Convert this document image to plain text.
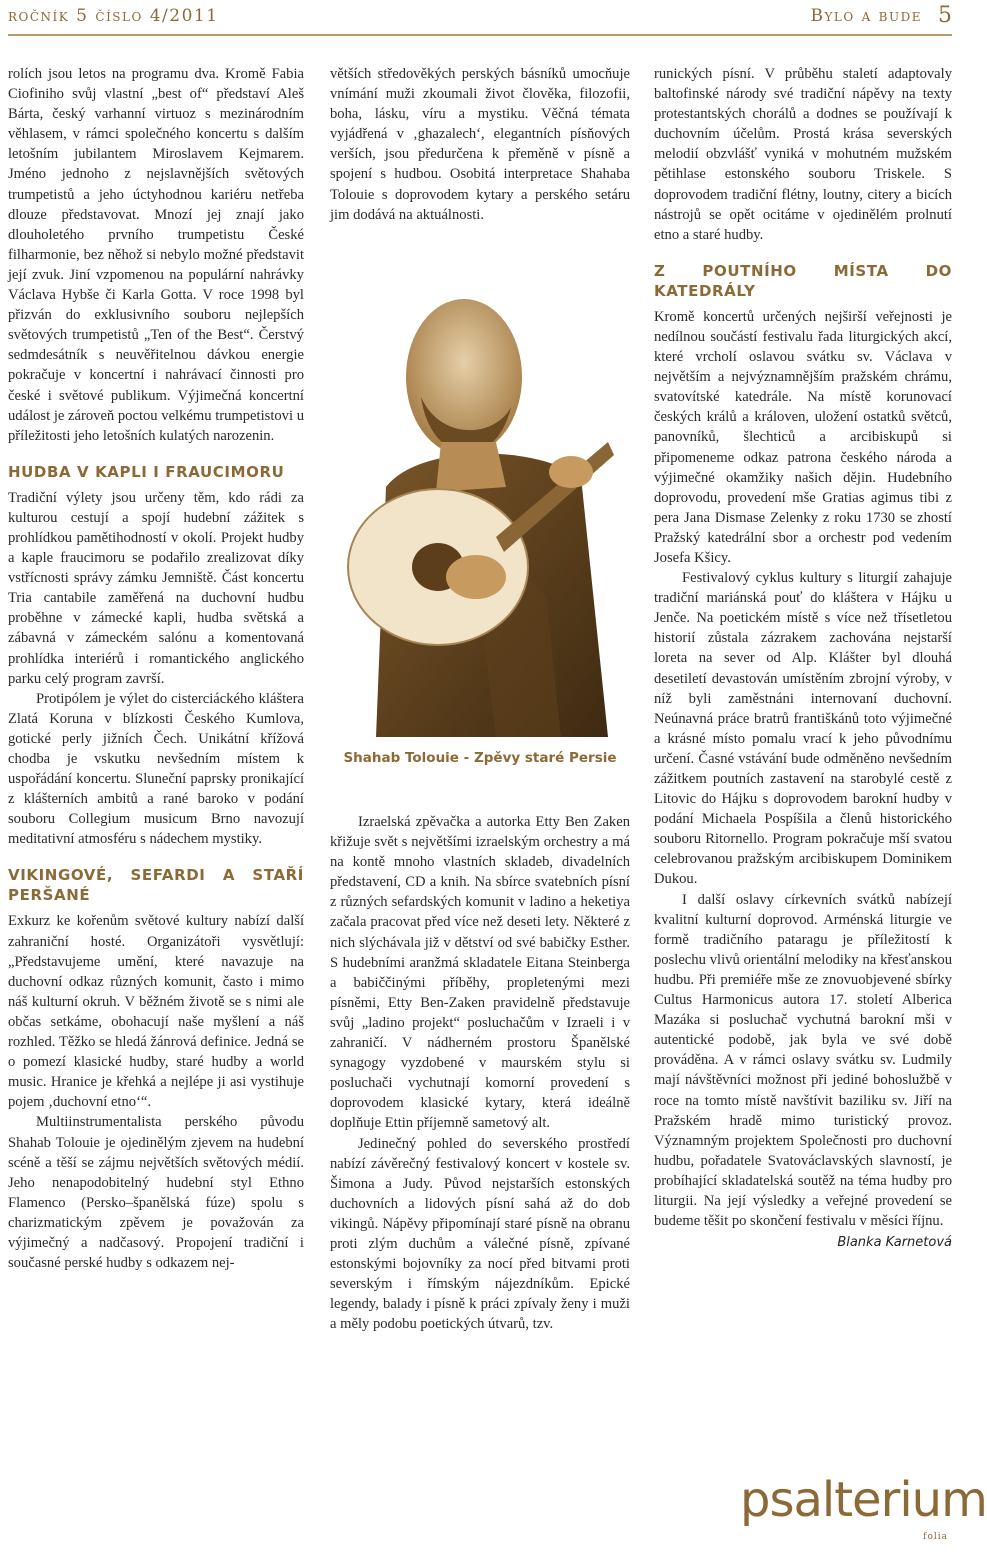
ročník 5 číslo 4/2011	Bylo a bude 5

rolích jsou letos na programu dva. Kromě Fabia Ciofiniho svůj vlastní „best of“ představí Aleš Bárta, český varhanní virtuoz s mezinárodním věhlasem, v rámci společného koncertu s dalším letošním jubilantem Miroslavem Kejmarem. Jméno jednoho z nejslavnějších světových trumpetistů a jeho úctyhodnou kariéru netřeba dlouze představovat. Mnozí jej znají jako dlouholetého prvního trumpetistu České filharmonie, bez něhož si nebylo možné představit její zvuk. Jiní vzpomenou na populární nahrávky Václava Hybše či Karla Gotta. V roce 1998 byl přizván do exklusivního souboru nejlepších světových trumpetistů „Ten of the Best“. Čerstvý sedmdesátník s neuvěřitelnou dávkou energie pokračuje v koncertní i nahrávací činnosti pro české i světové publikum. Výjimečná koncertní událost je zároveň poctou velkému trumpetistovi u příležitosti jeho letošních kulatých narozenin.

HUDBA V KAPLI I FRAUCIMORU

Tradiční výlety jsou určeny těm, kdo rádi za kulturou cestují a spojí hudební zážitek s prohlídkou pamětihodností v okolí. Projekt hudby a kaple fraucimoru se podařilo zrealizovat díky vstřícnosti správy zámku Jemniště. Část koncertu Tria cantabile zaměřená na duchovní hudbu proběhne v zámecké kapli, hudba světská a zábavná v zámeckém salónu a komentovaná prohlídka interiérů i romantického anglického parku celý program završí.

Protipólem je výlet do cisterciáckého kláštera Zlatá Koruna v blízkosti Českého Kumlova, gotické perly jižních Čech. Unikátní křížová chodba je vskutku nevšedním místem k uspořádání koncertu. Sluneční paprsky pronikající z klášterních ambitů a rané baroko v podání souboru Collegium musicum Brno navozují meditativní atmosféru s nádechem mystiky.

VIKINGOVÉ, SEFARDI A STAŘÍ PERŠANÉ

Exkurz ke kořenům světové kultury nabízí další zahraniční hosté. Organizátoři vysvětlují: „Představujeme umění, které navazuje na duchovní odkaz různých komunit, často i mimo náš kulturní okruh. V běžném životě se s nimi ale občas setkáme, obohacují naše myšlení a náš rozhled. Těžko se hledá žánrová definice. Jedná se o pomezí klasické hudby, staré hudby a world music. Hranice je křehká a nejlépe ji asi vystihuje pojem ‚duchovní etno‘“.

Multiinstrumentalista perského původu Shahab Tolouie je ojedinělým zjevem na hudební scéně a těší se zájmu největších světových médií. Jeho nenapodobitelný hudební styl Ethno Flamenco (Persko–španělská fúze) spolu s charizmatickým zpěvem je považován za výjimečný a nadčasový. Propojení tradiční i současné perské hudby s odkazem nej-

větších středověkých perských básníků umocňuje vnímání muži zkoumali život člověka, filozofii, boha, lásku, víru a mystiku. Věčná témata vyjádřená v ‚ghazalech‘, elegantních písňových verších, jsou předurčena k přeměně v písně a spojení s hudbou. Osobitá interpretace Shahaba Tolouie s doprovodem kytary a perského setáru jim dodává na aktuálnosti.

Shahab Tolouie - Zpěvy staré Persie

Izraelská zpěvačka a autorka Etty Ben Zaken křižuje svět s největšími izraelským orchestry a má na kontě mnoho vlastních skladeb, divadelních představení, CD a knih. Na sbírce svatebních písní z různých sefardských komunit v ladino a heketiya začala pracovat před více než deseti lety. Některé z nich slýchávala již v dětství od své babičky Esther. S hudebními aranžmá skladatele Eitana Steinberga a babiččinými příběhy, propletenými mezi písněmi, Etty Ben-Zaken pravidelně představuje svůj „ladino projekt“ posluchačům v Izraeli i v zahraničí. V nádherném prostoru Španělské synagogy vyzdobené v maurském stylu si posluchači vychutnají komorní provedení s doprovodem klasické kytary, která ideálně doplňuje Ettin příjemně sametový alt.

Jedinečný pohled do severského prostředí nabízí závěrečný festivalový koncert v kostele sv. Šimona a Judy. Původ nejstarších estonských duchovních a lidových písní sahá až do dob vikingů. Nápěvy připomínají staré písně na obranu proti zlým duchům a válečné písně, zpívané estonskými bojovníky za nocí před bitvami proti severským i římským nájezdníkům. Epické legendy, balady i písně k práci zpívaly ženy i muži a měly podobu poetických útvarů, tzv.

runických písní. V průběhu staletí adaptovaly baltofinské národy své tradiční nápěvy na texty protestantských chorálů a dodnes se používají k duchovním účelům. Prostá krása severských melodií obzvlášť vyniká v mohutném mužském pětihlase estonského souboru Triskele. S doprovodem tradiční flétny, loutny, citery a bicích nástrojů se opět ocitáme v ojedinělém prolnutí etno a staré hudby.

Z POUTNÍHO MÍSTA DO KATEDRÁLY

Kromě koncertů určených nejširší veřejnosti je nedílnou součástí festivalu řada liturgických akcí, které vrcholí oslavou svátku sv. Václava v největším a nejvýznamnějším pražském chrámu, svatovítské katedrále. Na místě korunovací českých králů a královen, uložení ostatků světců, panovníků, šlechticů a arcibiskupů si připomeneme odkaz patrona českého národa a výjimečné okamžiky našich dějin. Hudebního doprovodu, provedení mše Gratias agimus tibi z pera Jana Dismase Zelenky z roku 1730 se zhostí Pražský katedrální sbor a orchestr pod vedením Josefa Kšicy.

Festivalový cyklus kultury s liturgií zahajuje tradiční mariánská pouť do kláštera v Hájku u Jenče. Na poetickém místě s více než třísetletou historií zůstala zázrakem zachována nejstarší loreta na sever od Alp. Klášter byl dlouhá desetiletí devastován umístěním zbrojní výroby, v níž byli zaměstnáni internovaní duchovní. Neúnavná práce bratrů františkánů toto výjimečné a krásné místo pomalu vrací k jeho původnímu určení. Časné vstávání bude odměněno nevšedním zážitkem poutních zastavení na starobylé cestě z Litovic do Hájku s doprovodem barokní hudby v podání Michaela Pospíšila a členů historického souboru Ritornello. Program pokračuje mší svatou celebrovanou pražským arcibiskupem Dominikem Dukou.

I další oslavy církevních svátků nabízejí kvalitní kulturní doprovod. Arménská liturgie ve formě tradičního pataragu je příležitostí k poslechu vlivů orientální melodiky na křesťanskou hudbu. Při premiéře mše ze znovuobjevené sbírky Cultus Harmonicus autora 17. století Alberica Mazáka si posluchač vychutná barokní mši v autentické podobě, jak byla ve své době prováděna. A v rámci oslavy svátku sv. Ludmily mají návštěvníci možnost při jediné bohoslužbě v roce na tomto místě navštívit baziliku sv. Jiří na Pražském hradě mimo turistický provoz. Významným projektem Společnosti pro duchovní hudbu, pořadatele Svatováclavských slavností, je probíhající skladatelská soutěž na téma hudby pro liturgii. Na její výsledky a veřejné provedení se budeme těšit po skončení festivalu v měsíci říjnu.

Blanka Karnetová
psalterium
folia
